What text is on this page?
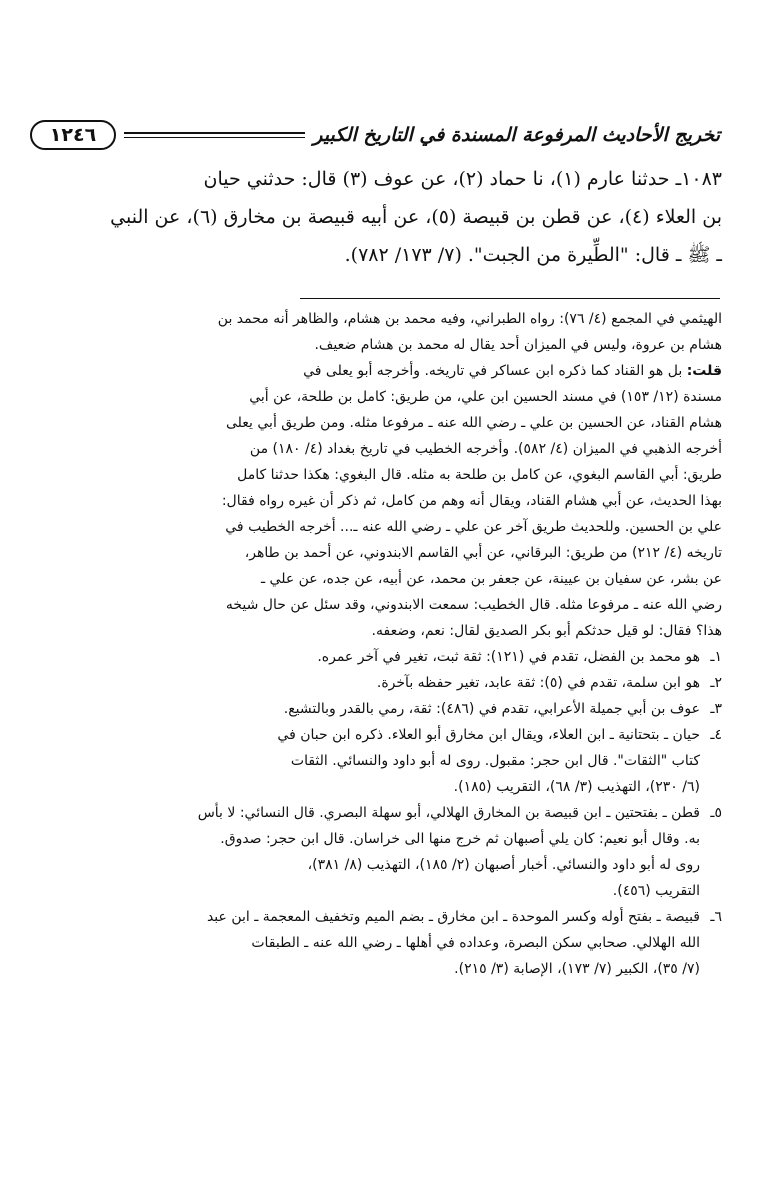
١٢٤٦	تخريج الأحاديث المرفوعة المسندة في التاريخ الكبير

١٠٨٣ـ حدثنا عارم (١)، نا حماد (٢)، عن عوف (٣) قال: حدثني حيان

بن العلاء (٤)، عن قطن بن قبيصة (٥)، عن أبيه قبيصة بن مخارق (٦)، عن النبي

ـ ﷺ ـ قال: "الطِّيرة من الجبت". (٧/ ١٧٣/ ٧٨٢).

الهيثمي في المجمع (٤/ ٧٦): رواه الطبراني، وفيه محمد بن هشام، والظاهر أنه محمد بن

هشام بن عروة، وليس في الميزان أحد يقال له محمد بن هشام ضعيف.

قلت: بل هو القناد كما ذكره ابن عساكر في تاريخه. وأخرجه أبو يعلى في

مسندة (١٢/ ١٥٣) في مسند الحسين ابن علي، من طريق: كامل بن طلحة، عن أبي

هشام القناد، عن الحسين بن علي ـ رضي الله عنه ـ مرفوعا مثله. ومن طريق أبي يعلى

أخرجه الذهبي في الميزان (٤/ ٥٨٢). وأخرجه الخطيب في تاريخ بغداد (٤/ ١٨٠) من

طريق: أبي القاسم البغوي، عن كامل بن طلحة به مثله. قال البغوي: هكذا حدثنا كامل

بهذا الحديث، عن أبي هشام القناد، ويقال أنه وهم من كامل، ثم ذكر أن غيره رواه فقال:

علي بن الحسين. وللحديث طريق آخر عن علي ـ رضي الله عنه ـ... أخرجه الخطيب في

تاريخه (٤/ ٢١٢) من طريق: البرقاني، عن أبي القاسم الابندوني، عن أحمد بن طاهر،

عن بشر، عن سفيان بن عيينة، عن جعفر بن محمد، عن أبيه، عن جده، عن علي ـ

رضي الله عنه ـ مرفوعا مثله. قال الخطيب: سمعت الابندوني، وقد سئل عن حال شيخه

هذا؟ فقال: لو قيل حدثكم أبو بكر الصديق لقال: نعم، وضعفه.

١ـ

هو محمد بن الفضل، تقدم في (١٢١): ثقة ثبت، تغير في آخر عمره.

٢ـ

هو ابن سلمة، تقدم في (٥): ثقة عابد، تغير حفظه بآخرة.

٣ـ

عوف بن أبي جميلة الأعرابي، تقدم في (٤٨٦): ثقة، رمي بالقدر وبالتشيع.

٤ـ

حيان ـ بتحتانية ـ ابن العلاء، ويقال ابن مخارق أبو العلاء. ذكره ابن حبان في

كتاب "الثقات". قال ابن حجر: مقبول. روى له أبو داود والنسائي. الثقات

(٦/ ٢٣٠)، التهذيب (٣/ ٦٨)، التقريب (١٨٥).

٥ـ

قطن ـ بفتحتين ـ ابن قبيصة بن المخارق الهلالي، أبو سهلة البصري. قال النسائي: لا بأس

به. وقال أبو نعيم: كان يلي أصبهان ثم خرج منها الى خراسان. قال ابن حجر: صدوق.

روى له أبو داود والنسائي. أخبار أصبهان (٢/ ١٨٥)، التهذيب (٨/ ٣٨١)،

التقريب (٤٥٦).

٦ـ

قبيصة ـ بفتح أوله وكسر الموحدة ـ ابن مخارق ـ بضم الميم وتخفيف المعجمة ـ ابن عبد

الله الهلالي. صحابي سكن البصرة، وعداده في أهلها ـ رضي الله عنه ـ الطبقات

(٧/ ٣٥)، الكبير (٧/ ١٧٣)، الإصابة (٣/ ٢١٥).
